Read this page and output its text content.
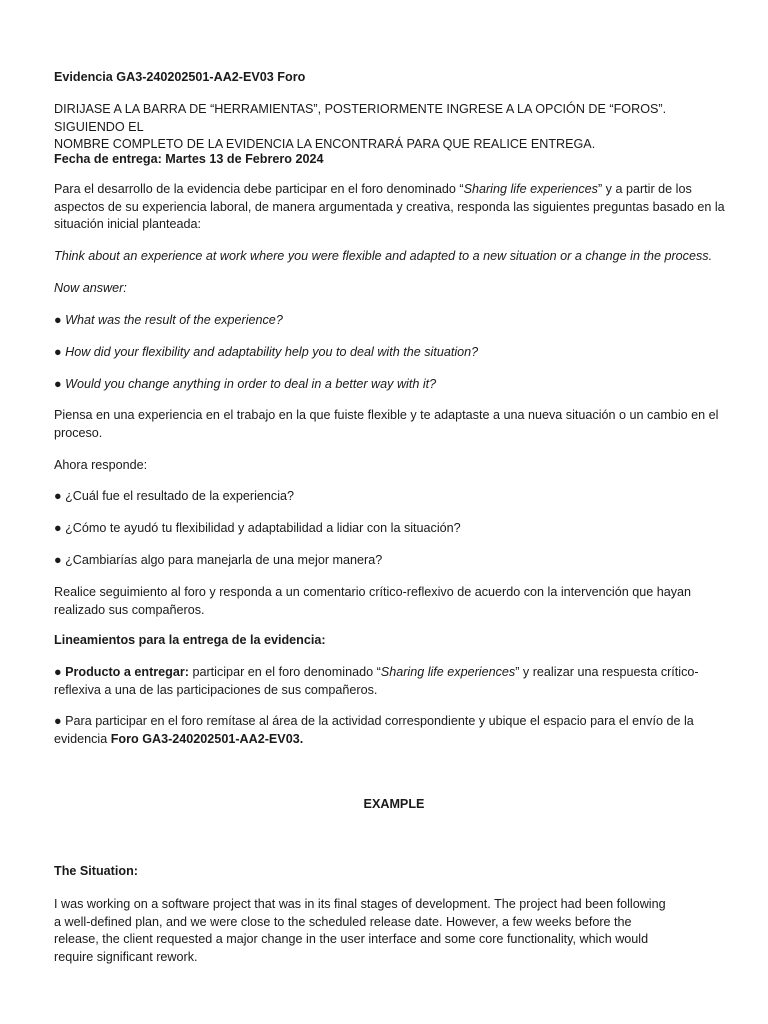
Evidencia GA3-240202501-AA2-EV03 Foro

DIRIJASE A LA BARRA DE “HERRAMIENTAS”, POSTERIORMENTE INGRESE A LA OPCIÓN DE “FOROS”. SIGUIENDO EL
NOMBRE COMPLETO DE LA EVIDENCIA LA ENCONTRARÁ PARA QUE REALICE ENTREGA.

Fecha de entrega: Martes 13 de Febrero 2024

Para el desarrollo de la evidencia debe participar en el foro denominado “Sharing life experiences” y a partir de los
aspectos de su experiencia laboral, de manera argumentada y creativa, responda las siguientes preguntas basado en la
situación inicial planteada:

Think about an experience at work where you were flexible and adapted to a new situation or a change in the process.

Now answer:

● What was the result of the experience?
● How did your flexibility and adaptability help you to deal with the situation?
● Would you change anything in order to deal in a better way with it?
Piensa en una experiencia en el trabajo en la que fuiste flexible y te adaptaste a una nueva situación o un cambio en el
proceso.

Ahora responde:

● ¿Cuál fue el resultado de la experiencia?
● ¿Cómo te ayudó tu flexibilidad y adaptabilidad a lidiar con la situación?
● ¿Cambiarías algo para manejarla de una mejor manera?
Realice seguimiento al foro y responda a un comentario crítico-reflexivo de acuerdo con la intervención que hayan
realizado sus compañeros.

Lineamientos para la entrega de la evidencia:

● Producto a entregar: participar en el foro denominado “Sharing life experiences” y realizar una respuesta crítico-
reflexiva a una de las participaciones de sus compañeros.
● Para participar en el foro remítase al área de la actividad correspondiente y ubique el espacio para el envío de la
evidencia Foro GA3-240202501-AA2-EV03.

EXAMPLE

The Situation:

I was working on a software project that was in its final stages of development. The project had been following
a well-defined plan, and we were close to the scheduled release date. However, a few weeks before the
release, the client requested a major change in the user interface and some core functionality, which would
require significant rework.
